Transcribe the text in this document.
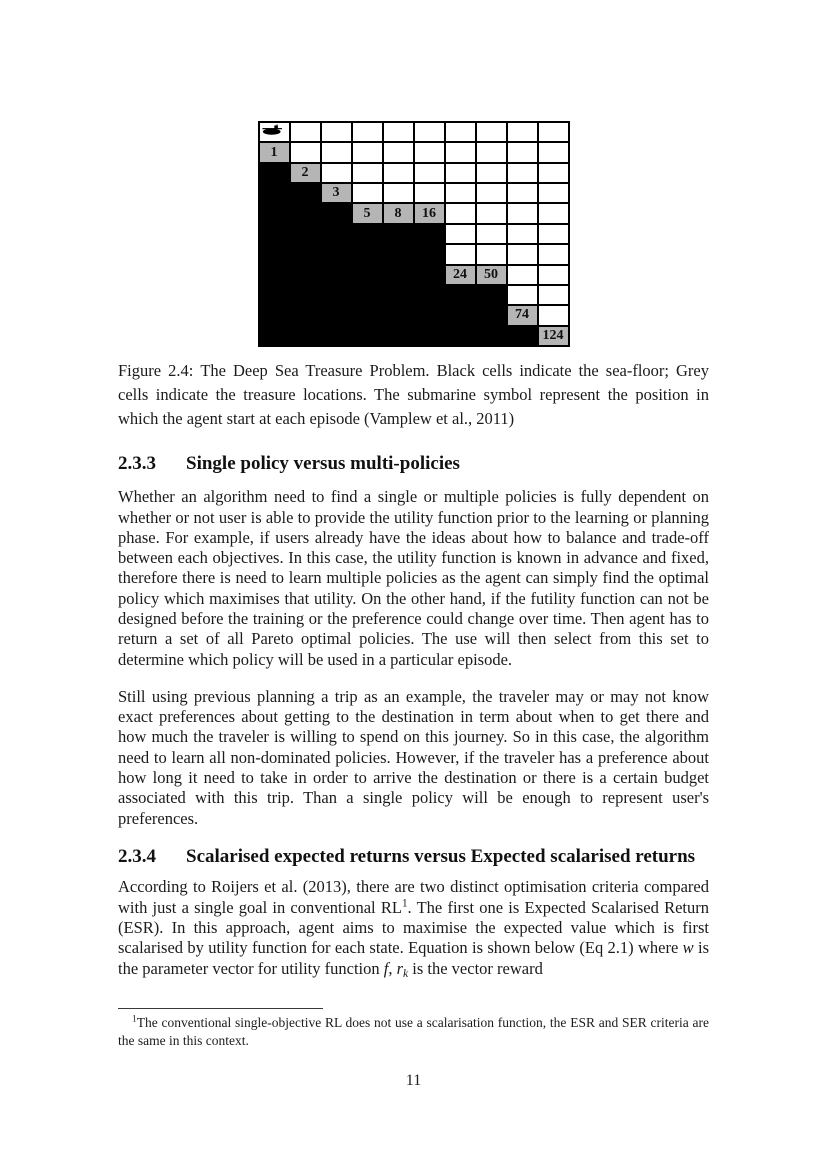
1
2
3
5	8	16
24	50
74
124
Figure 2.4: The Deep Sea Treasure Problem. Black cells indicate the sea-floor; Grey cells indicate the treasure locations. The submarine symbol represent the position in which the agent start at each episode (Vamplew et al., 2011)
2.3.3	Single policy versus multi-policies

Whether an algorithm need to find a single or multiple policies is fully dependent on whether or not user is able to provide the utility function prior to the learning or planning phase. For example, if users already have the ideas about how to balance and trade-off between each objectives. In this case, the utility function is known in advance and fixed, therefore there is need to learn multiple policies as the agent can simply find the optimal policy which maximises that utility. On the other hand, if the futility function can not be designed before the training or the preference could change over time. Then agent has to return a set of all Pareto optimal policies. The use will then select from this set to determine which policy will be used in a particular episode.

Still using previous planning a trip as an example, the traveler may or may not know exact preferences about getting to the destination in term about when to get there and how much the traveler is willing to spend on this journey. So in this case, the algorithm need to learn all non-dominated policies. However, if the traveler has a preference about how long it need to take in order to arrive the destination or there is a certain budget associated with this trip. Than a single policy will be enough to represent user's preferences.

2.3.4	Scalarised expected returns versus Expected scalarised returns

According to Roijers et al. (2013), there are two distinct optimisation criteria compared with just a single goal in conventional $RL^1$. The first one is Expected Scalarised Return (ESR). In this approach, agent aims to maximise the expected value which is first scalarised by utility function for each state. Equation is shown below (Eq 2.1) where w is the parameter vector for utility function f, $r_k$ is the vector reward

$^1$The conventional single-objective RL does not use a scalarisation function, the ESR and SER criteria are the same in this context.

11
